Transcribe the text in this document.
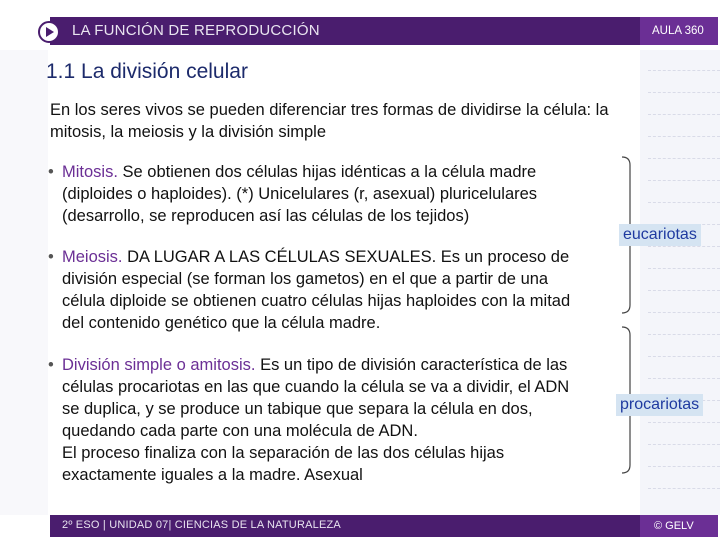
LA FUNCIÓN DE REPRODUCCIÓN	AULA 360
1.1 La división celular
En los seres vivos se pueden diferenciar tres formas de dividirse la célula: la
mitosis, la meiosis y la división simple
• Mitosis. Se obtienen dos células hijas idénticas a la célula madre
(diploides o haploides). (*) Unicelulares (r, asexual) pluricelulares
(desarrollo, se reproducen así las células de los tejidos)
• Meiosis. DA LUGAR A LAS CÉLULAS SEXUALES. Es un proceso de
división especial (se forman los gametos) en el que a partir de una
célula diploide se obtienen cuatro células hijas haploides con la mitad
del contenido genético que la célula madre.
• División simple o amitosis. Es un tipo de división característica de las
células procariotas en las que cuando la célula se va a dividir, el ADN
se duplica, y se produce un tabique que separa la célula en dos,
quedando cada parte con una molécula de ADN.
El proceso finaliza con la separación de las dos células hijas
exactamente iguales a la madre. Asexual
eucariotas
procariotas
2º ESO | UNIDAD 07| CIENCIAS DE LA NATURALEZA	© GELV
